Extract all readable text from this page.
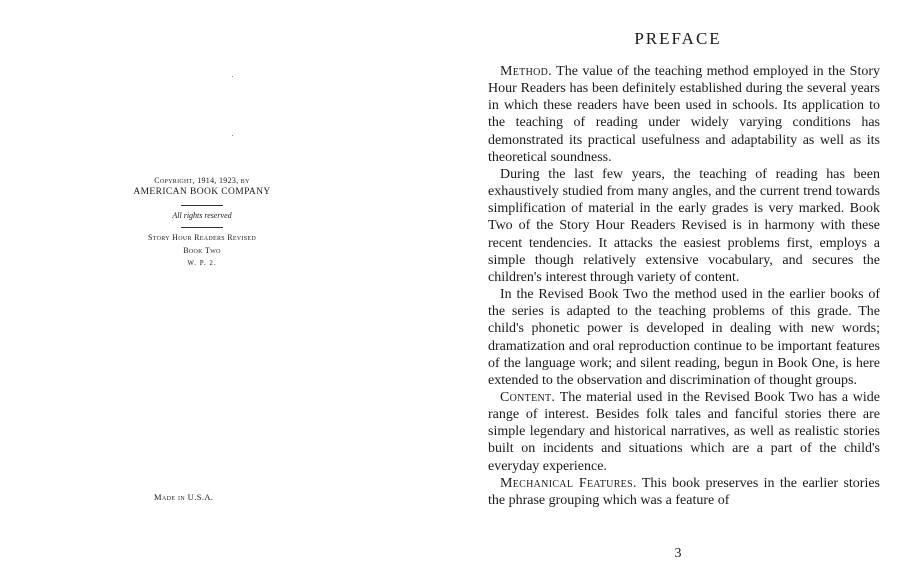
Copyright, 1914, 1923, by
AMERICAN BOOK COMPANY
All rights reserved
Story Hour Readers Revised
Book Two
W. P. 2.
Made in U.S.A.
PREFACE

Method. The value of the teaching method employed in the Story Hour Readers has been definitely established during the several years in which these readers have been used in schools. Its application to the teaching of reading under widely varying conditions has demonstrated its practical usefulness and adaptability as well as its theoretical soundness.

During the last few years, the teaching of reading has been exhaustively studied from many angles, and the current trend towards simplification of material in the early grades is very marked. Book Two of the Story Hour Readers Revised is in harmony with these recent tendencies. It attacks the easiest problems first, employs a simple though relatively extensive vocabulary, and secures the children's interest through variety of content.

In the Revised Book Two the method used in the earlier books of the series is adapted to the teaching problems of this grade. The child's phonetic power is developed in dealing with new words; dramatization and oral reproduction continue to be important features of the language work; and silent reading, begun in Book One, is here extended to the observation and discrimination of thought groups.

Content. The material used in the Revised Book Two has a wide range of interest. Besides folk tales and fanciful stories there are simple legendary and historical narratives, as well as realistic stories built on incidents and situations which are a part of the child's everyday experience.

Mechanical Features. This book preserves in the earlier stories the phrase grouping which was a feature of

3
